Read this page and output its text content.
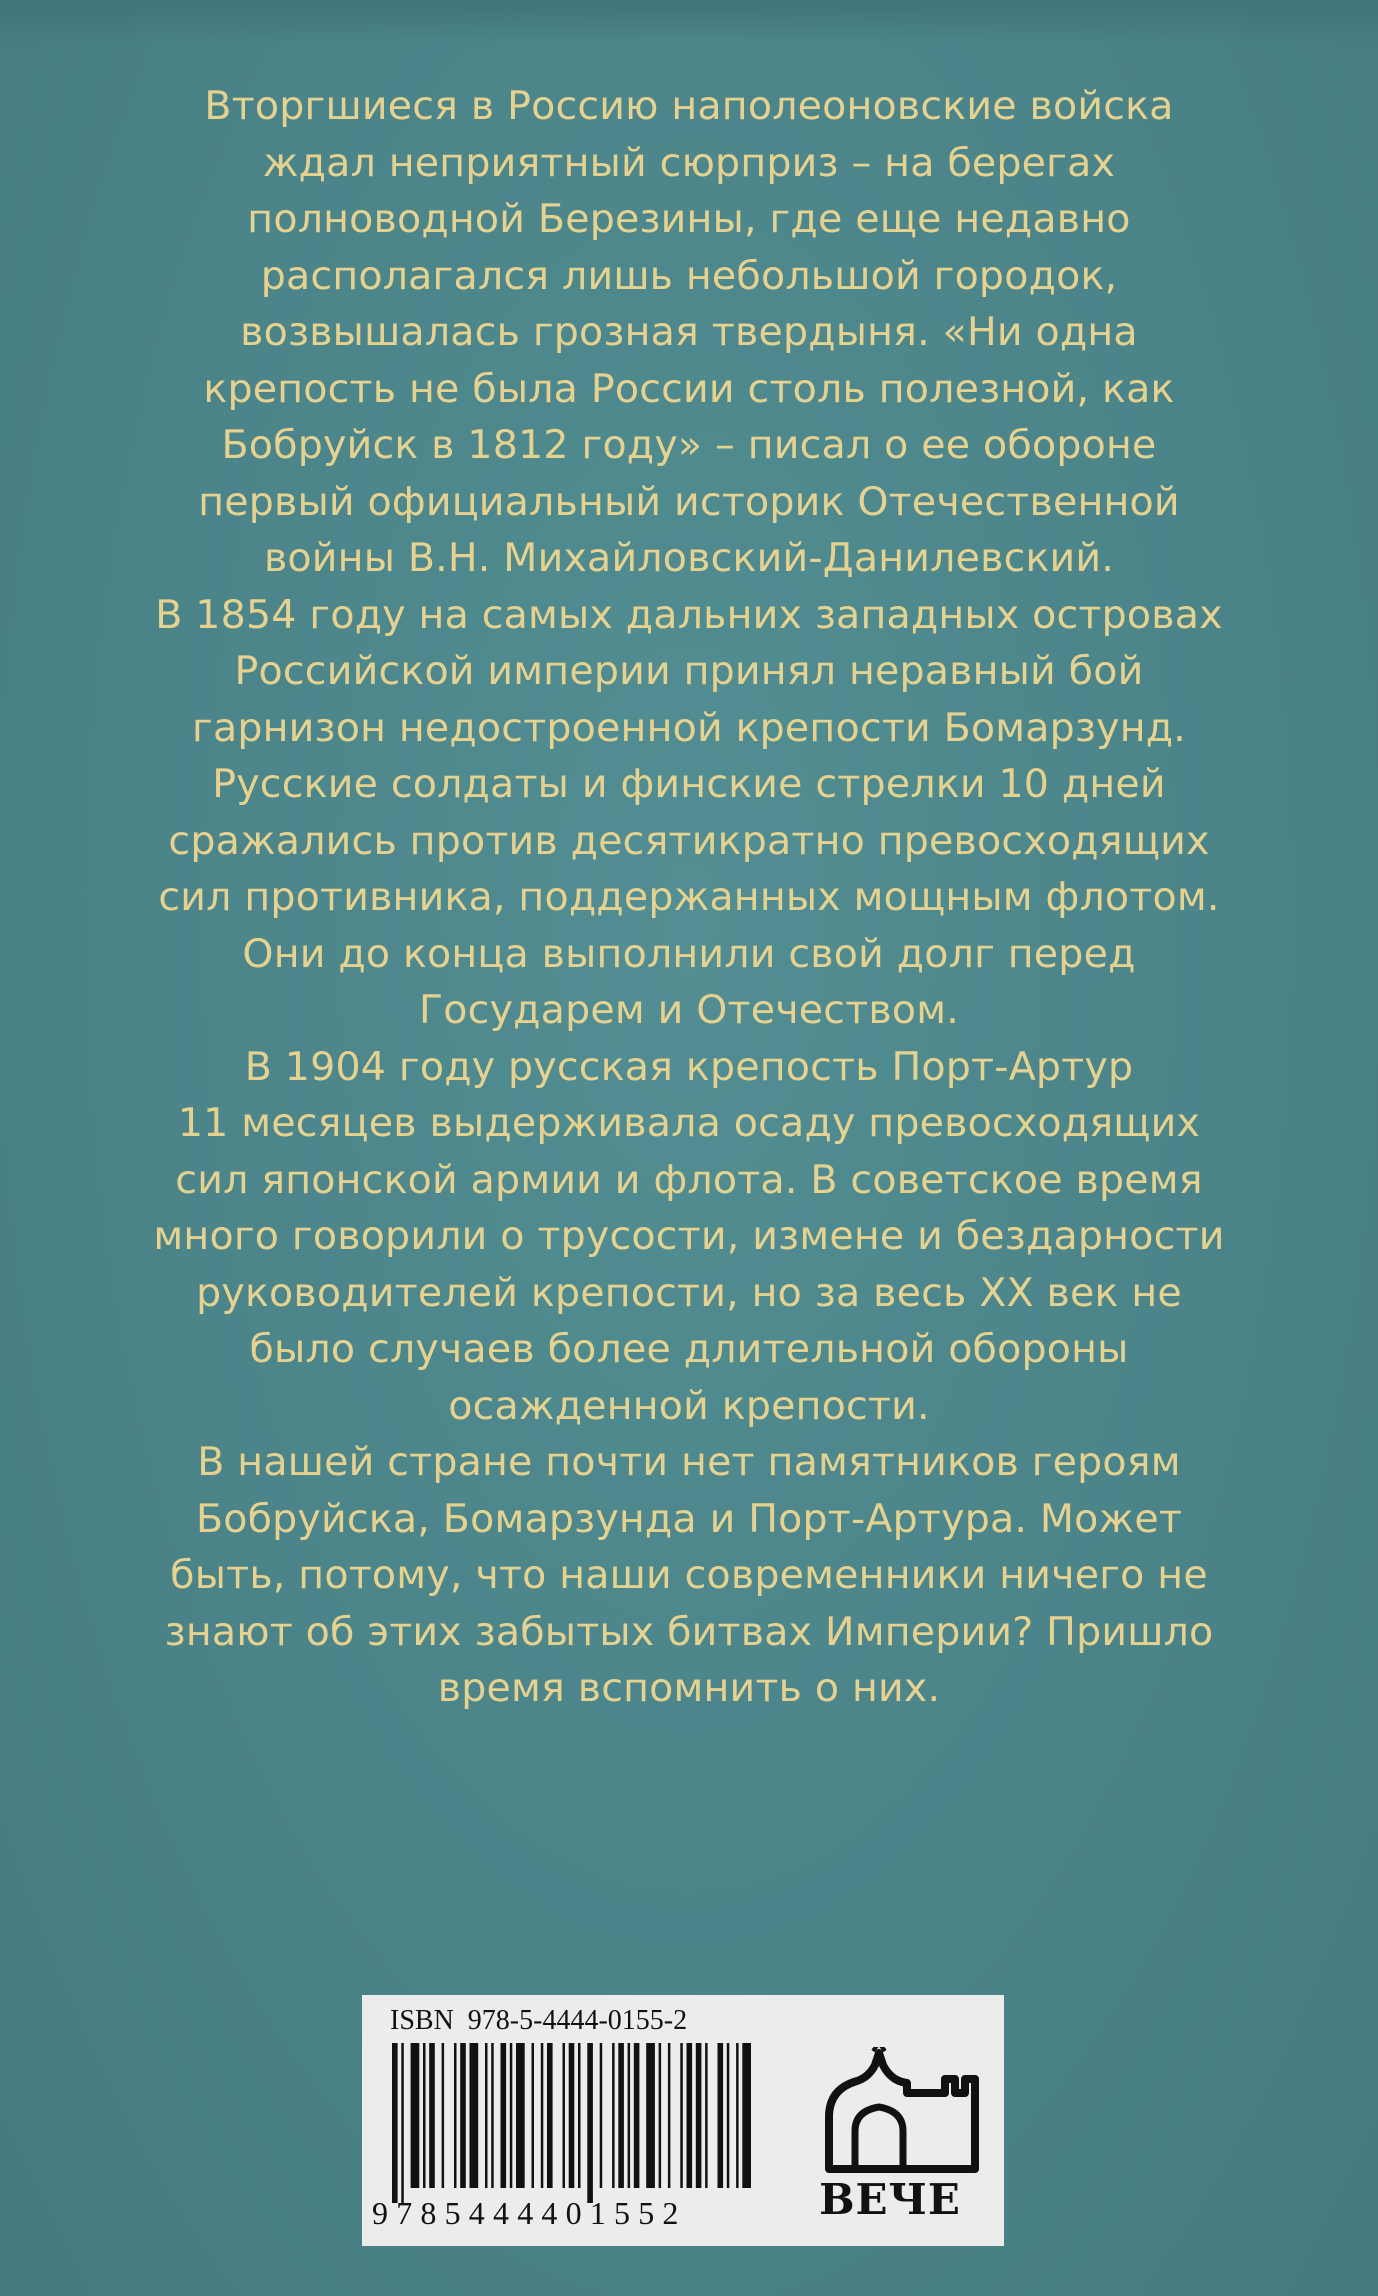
Вторгшиеся в Россию наполеоновские войска
ждал неприятный сюрприз – на берегах
полноводной Березины, где еще недавно
располагался лишь небольшой городок,
возвышалась грозная твердыня. «Ни одна
крепость не была России столь полезной, как
Бобруйск в 1812 году» – писал о ее обороне
первый официальный историк Отечественной
войны В.Н. Михайловский-Данилевский.
В 1854 году на самых дальних западных островах
Российской империи принял неравный бой
гарнизон недостроенной крепости Бомарзунд.
Русские солдаты и финские стрелки 10 дней
сражались против десятикратно превосходящих
сил противника, поддержанных мощным флотом.
Они до конца выполнили свой долг перед
Государем и Отечеством.
В 1904 году русская крепость Порт-Артур
11 месяцев выдерживала осаду превосходящих
сил японской армии и флота. В советское время
много говорили о трусости, измене и бездарности
руководителей крепости, но за весь XX век не
было случаев более длительной обороны
осажденной крепости.
В нашей стране почти нет памятников героям
Бобруйска, Бомарзунда и Порт-Артура. Может
быть, потому, что наши современники ничего не
знают об этих забытых битвах Империи? Пришло
время вспомнить о них.
ISBN 978-5-4444-0155-2
9785444401552	ВЕЧЕ
